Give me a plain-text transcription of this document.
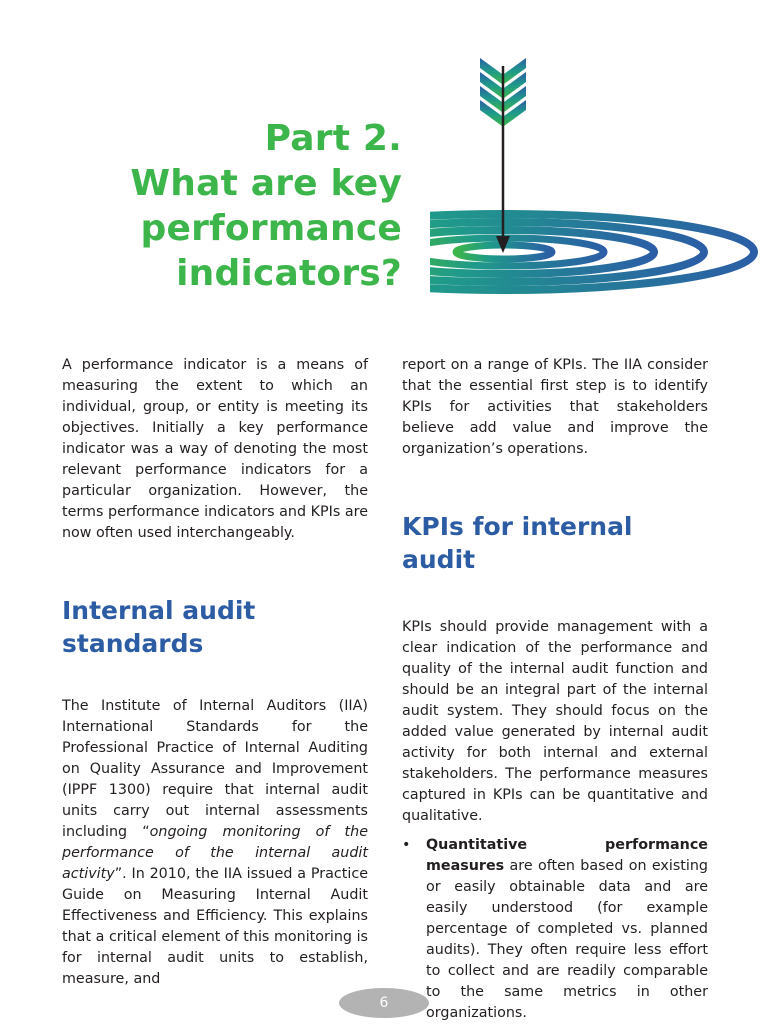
Part 2.
What are key
performance
indicators?

A performance indicator is a means of measuring the extent to which an individual, group, or entity is meeting its objectives. Initially a key performance indicator was a way of denoting the most relevant performance indicators for a particular organization. However, the terms performance indicators and KPIs are now often used interchangeably.

Internal audit standards

The Institute of Internal Auditors (IIA) International Standards for the Professional Practice of Internal Auditing on Quality Assurance and Improvement (IPPF 1300) require that internal audit units carry out internal assessments including “ongoing monitoring of the performance of the internal audit activity”. In 2010, the IIA issued a Practice Guide on Measuring Internal Audit Effectiveness and Efficiency. This explains that a critical element of this monitoring is for internal audit units to establish, measure, and

report on a range of KPIs. The IIA consider that the essential first step is to identify KPIs for activities that stakeholders believe add value and improve the organization’s operations.

KPIs for internal audit

KPIs should provide management with a clear indication of the performance and quality of the internal audit function and should be an integral part of the internal audit system. They should focus on the added value generated by internal audit activity for both internal and external stakeholders. The performance measures captured in KPIs can be quantitative and qualitative.

• Quantitative performance measures are often based on existing or easily obtainable data and are easily understood (for example percentage of completed vs. planned audits). They often require less effort to collect and are readily comparable to the same metrics in other organizations.

6
